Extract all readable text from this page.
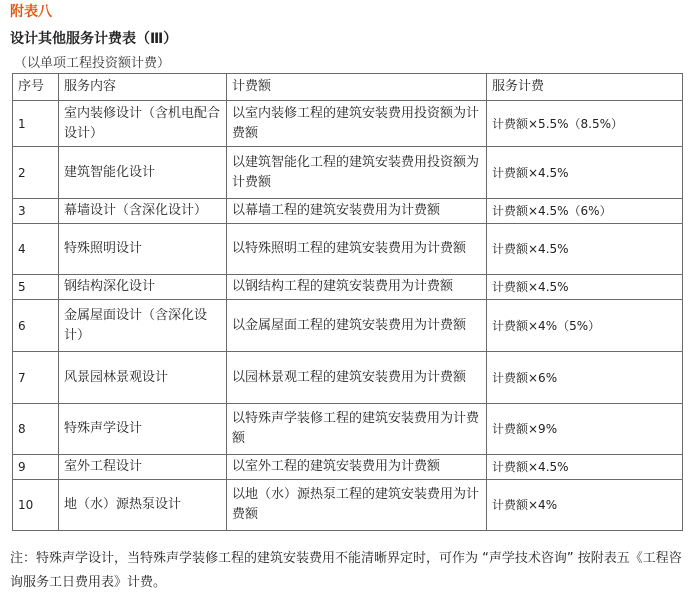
附表八
设计其他服务计费表（Ⅲ）
（以单项工程投资额计费）
序号	服务内容	计费额	服务计费
1	室内装修设计（含机电配合设计）	以室内装修工程的建筑安装费用投资额为计费额	计费额×5.5%（8.5%）
2	建筑智能化设计	以建筑智能化工程的建筑安装费用投资额为计费额	计费额×4.5%
3	幕墙设计（含深化设计）	以幕墙工程的建筑安装费用为计费额	计费额×4.5%（6%）
4	特殊照明设计	以特殊照明工程的建筑安装费用为计费额	计费额×4.5%
5	钢结构深化设计	以钢结构工程的建筑安装费用为计费额	计费额×4.5%
6	金属屋面设计（含深化设计）	以金属屋面工程的建筑安装费用为计费额	计费额×4%（5%）
7	风景园林景观设计	以园林景观工程的建筑安装费用为计费额	计费额×6%
8	特殊声学设计	以特殊声学装修工程的建筑安装费用为计费额	计费额×9%
9	室外工程设计	以室外工程的建筑安装费用为计费额	计费额×4.5%
10	地（水）源热泵设计	以地（水）源热泵工程的建筑安装费用为计费额	计费额×4%
注：特殊声学设计，当特殊声学装修工程的建筑安装费用不能清晰界定时，可作为 “声学技术咨询” 按附表五《工程咨询服务工日费用表》计费。
